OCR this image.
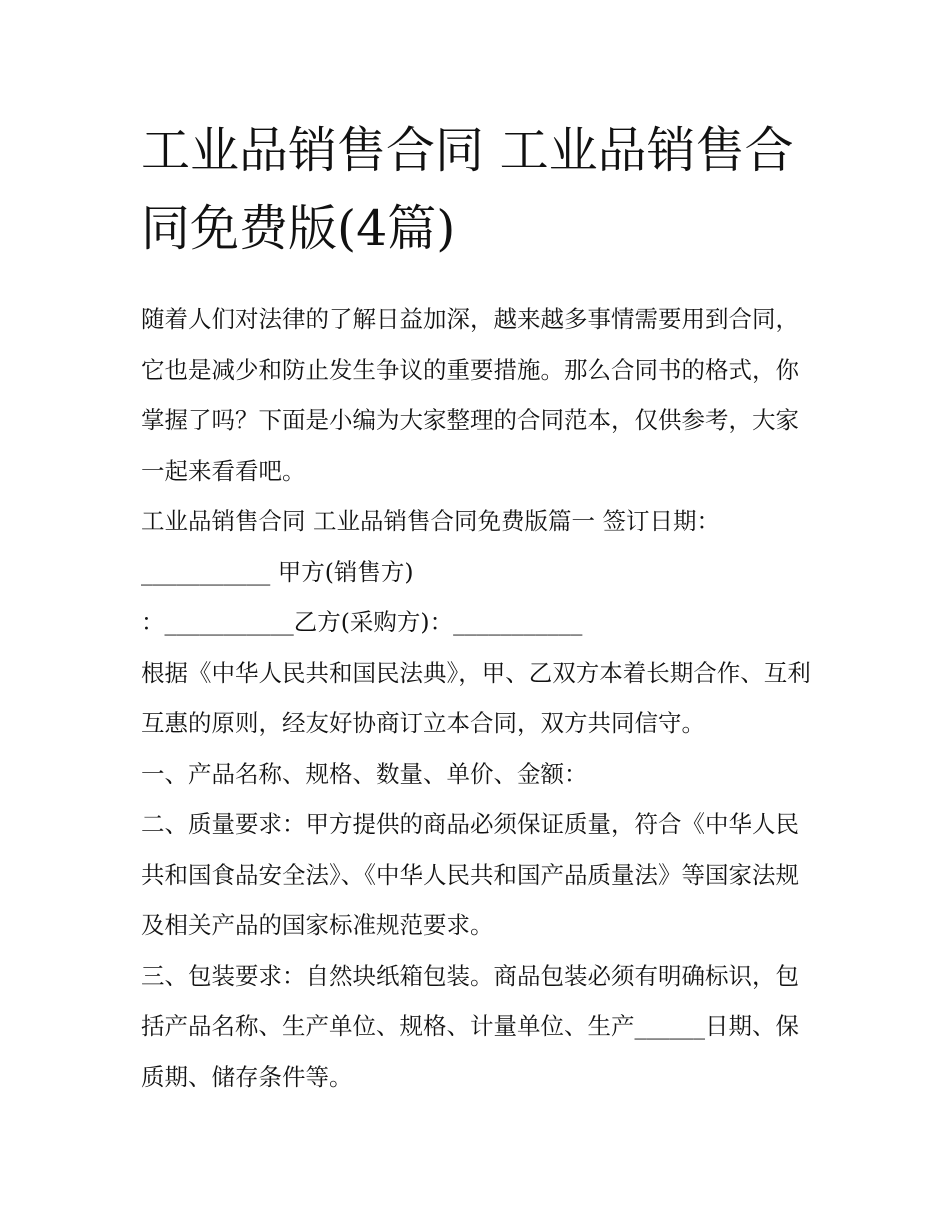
工业品销售合同 工业品销售合同免费版(4篇)

随着人们对法律的了解日益加深，越来越多事情需要用到合同，它也是减少和防止发生争议的重要措施。那么合同书的格式，你掌握了吗？下面是小编为大家整理的合同范本，仅供参考，大家一起来看看吧。

工业品销售合同 工业品销售合同免费版篇一 签订日期：

___________ 甲方(销售方)

：___________乙方(采购方)：___________

根据《中华人民共和国民法典》，甲、乙双方本着长期合作、互利互惠的原则，经友好协商订立本合同，双方共同信守。

一、产品名称、规格、数量、单价、金额：

二、质量要求：甲方提供的商品必须保证质量，符合《中华人民共和国食品安全法》、《中华人民共和国产品质量法》等国家法规及相关产品的国家标准规范要求。

三、包装要求：自然块纸箱包装。商品包装必须有明确标识，包括产品名称、生产单位、规格、计量单位、生产______日期、保质期、储存条件等。
